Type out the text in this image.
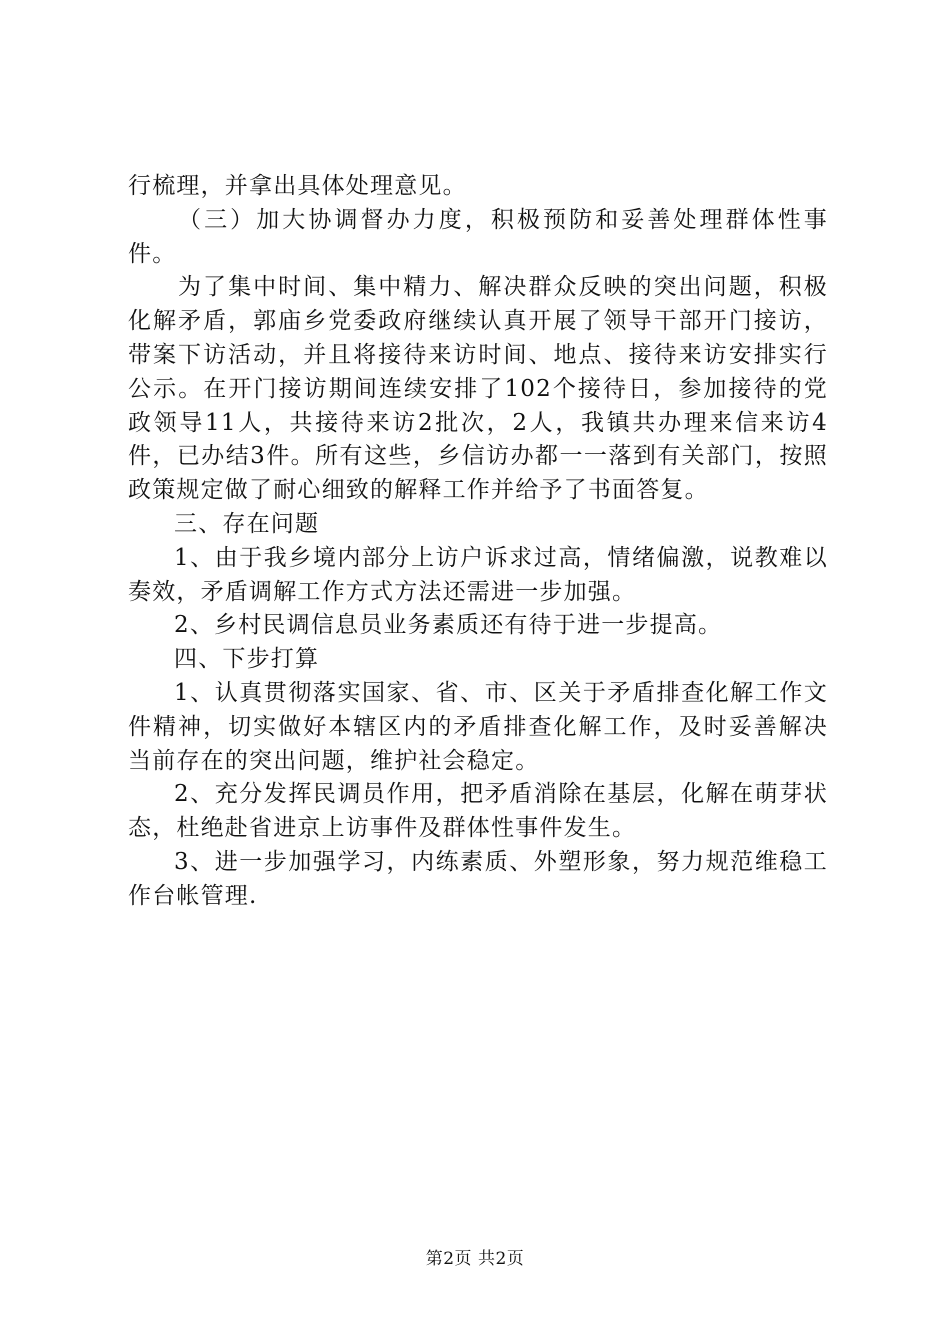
行梳理，并拿出具体处理意见。

（三）加大协调督办力度，积极预防和妥善处理群体性事件。

为了集中时间、集中精力、解决群众反映的突出问题，积极化解矛盾，郭庙乡党委政府继续认真开展了领导干部开门接访，带案下访活动，并且将接待来访时间、地点、接待来访安排实行公示。在开门接访期间连续安排了102个接待日，参加接待的党政领导11人，共接待来访2批次，2人，我镇共办理来信来访4件，已办结3件。所有这些，乡信访办都一一落到有关部门，按照政策规定做了耐心细致的解释工作并给予了书面答复。

三、存在问题

1、由于我乡境内部分上访户诉求过高，情绪偏激，说教难以奏效，矛盾调解工作方式方法还需进一步加强。

2、乡村民调信息员业务素质还有待于进一步提高。

四、下步打算

1、认真贯彻落实国家、省、市、区关于矛盾排查化解工作文件精神，切实做好本辖区内的矛盾排查化解工作，及时妥善解决当前存在的突出问题，维护社会稳定。

2、充分发挥民调员作用，把矛盾消除在基层，化解在萌芽状态，杜绝赴省进京上访事件及群体性事件发生。

3、进一步加强学习，内练素质、外塑形象，努力规范维稳工作台帐管理.

第2页 共2页
